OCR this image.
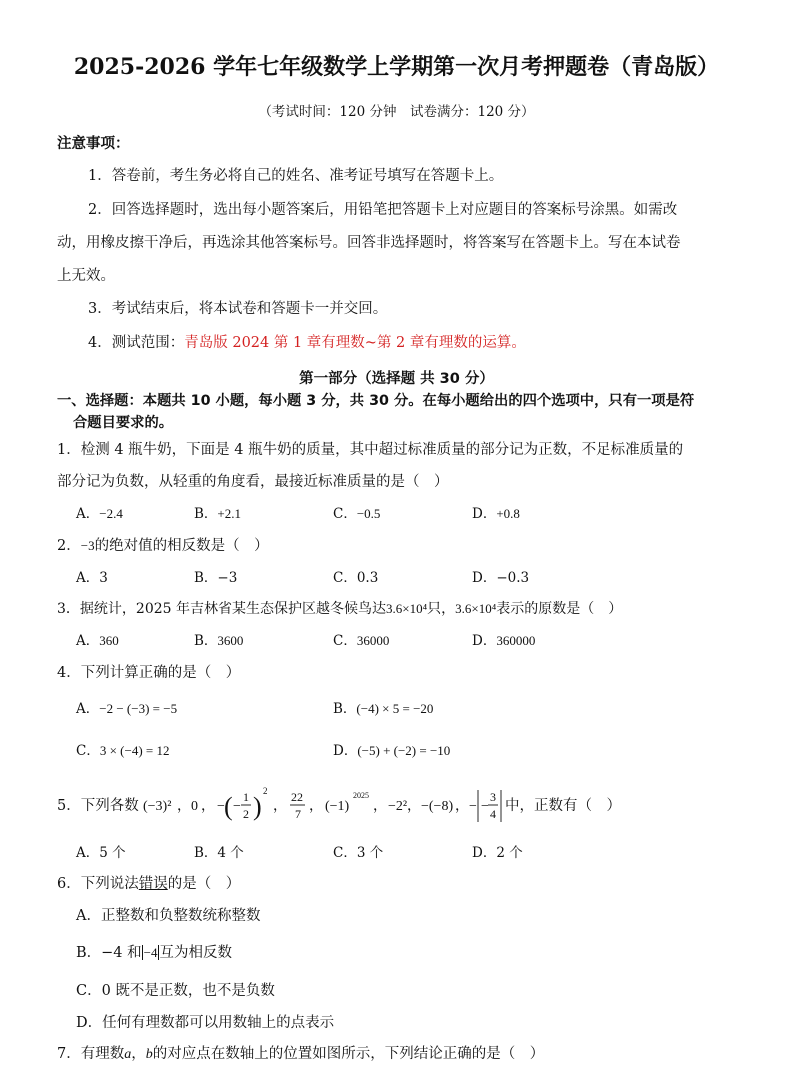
2025-2026 学年七年级数学上学期第一次月考押题卷（青岛版）
（考试时间：120 分钟　试卷满分：120 分）
注意事项：
1．答卷前，考生务必将自己的姓名、准考证号填写在答题卡上。
2．回答选择题时，选出每小题答案后，用铅笔把答题卡上对应题目的答案标号涂黑。如需改
动，用橡皮擦干净后，再选涂其他答案标号。回答非选择题时，将答案写在答题卡上。写在本试卷
上无效。
3．考试结束后，将本试卷和答题卡一并交回。
4．测试范围：青岛版 2024 第 1 章有理数~第 2 章有理数的运算。
第一部分（选择题 共 30 分）
一、选择题：本题共 10 小题，每小题 3 分，共 30 分。在每小题给出的四个选项中，只有一项是符
合题目要求的。
1．检测 4 瓶牛奶，下面是 4 瓶牛奶的质量，其中超过标准质量的部分记为正数，不足标准质量的
部分记为负数，从轻重的角度看，最接近标准质量的是（　）
A．−2.4	B．+2.1	C．−0.5	D．+0.8
2．−3的绝对值的相反数是（　）
A．3	B．−3	C．0.3	D．−0.3
3．据统计，2025 年吉林省某生态保护区越冬候鸟达3.6×10⁴只，3.6×10⁴表示的原数是（　）
A．360	B．3600	C．36000	D．360000
4．下列计算正确的是（　）
A．−2 − (−3) = −5	B．(−4) × 5 = −20
C．3 × (−4) = 12	D．(−5) + (−2) = −10
5．下列各数 (−3)² ， 0 ， − ( −
1
2 )
2
，
22
7 ， (−1)
2025
， −2² ， −(−8) ， − −
3
4 中，正数有（　）
A．5 个	B．4 个	C．3 个	D．2 个
6．下列说法错误的是（　）
A．正整数和负整数统称整数
B．−4 和 −4 互为相反数
C．0 既不是正数，也不是负数
D．任何有理数都可以用数轴上的点表示
7．有理数a，b的对应点在数轴上的位置如图所示，下列结论正确的是（　）
